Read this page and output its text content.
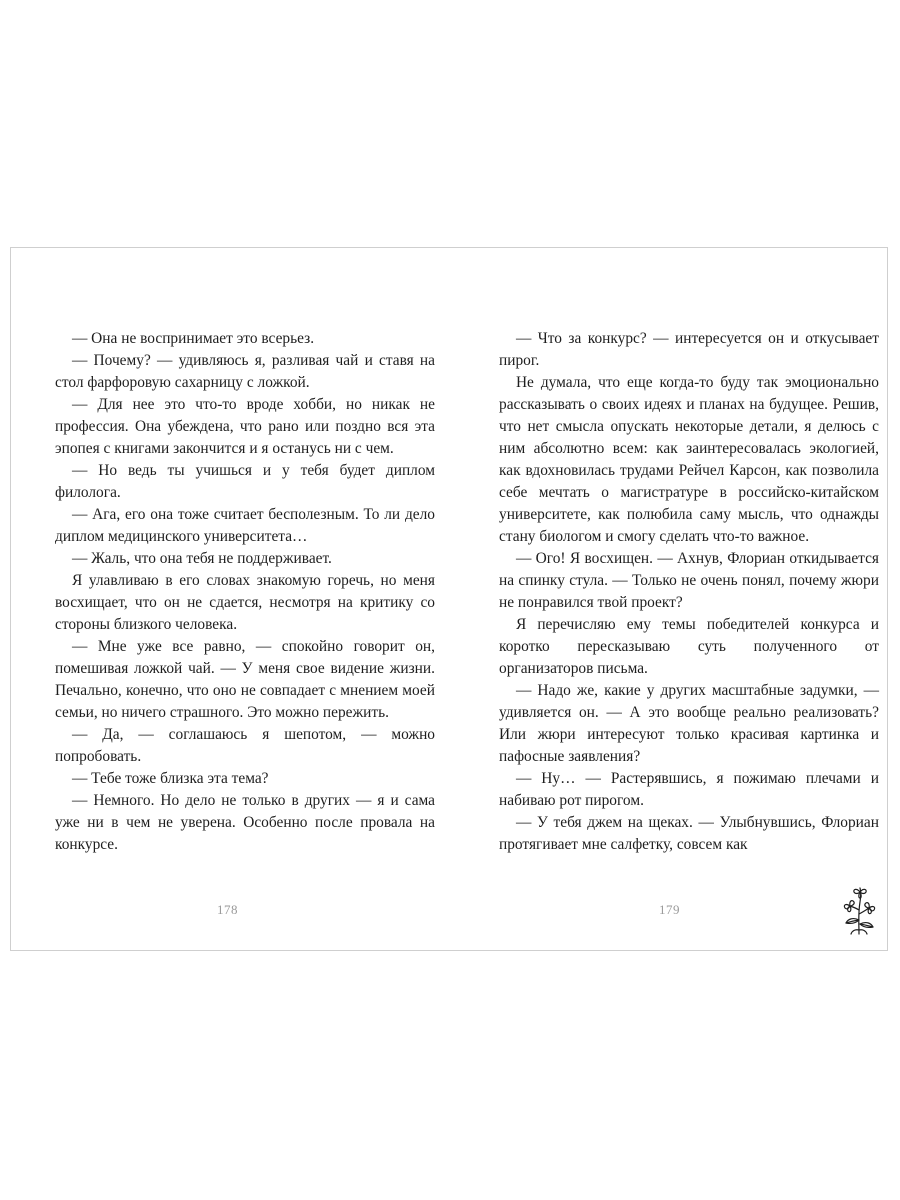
— Она не воспринимает это всерьез.

— Почему? — удивляюсь я, разливая чай и ставя на стол фарфоровую сахарницу с ложкой.

— Для нее это что-то вроде хобби, но никак не профессия. Она убеждена, что рано или поздно вся эта эпопея с книгами закончится и я останусь ни с чем.

— Но ведь ты учишься и у тебя будет диплом филолога.

— Ага, его она тоже считает бесполезным. То ли дело диплом медицинского университета…

— Жаль, что она тебя не поддерживает.

Я улавливаю в его словах знакомую горечь, но меня восхищает, что он не сдается, несмотря на критику со стороны близкого человека.

— Мне уже все равно, — спокойно говорит он, помешивая ложкой чай. — У меня свое видение жизни. Печально, конечно, что оно не совпадает с мнением моей семьи, но ничего страшного. Это можно пережить.

— Да, — соглашаюсь я шепотом, — можно попробовать.

— Тебе тоже близка эта тема?

— Немного. Но дело не только в других — я и сама уже ни в чем не уверена. Особенно после провала на конкурсе.

— Что за конкурс? — интересуется он и откусывает пирог.

Не думала, что еще когда-то буду так эмоционально рассказывать о своих идеях и планах на будущее. Решив, что нет смысла опускать некоторые детали, я делюсь с ним абсолютно всем: как заинтересовалась экологией, как вдохновилась трудами Рейчел Карсон, как позволила себе мечтать о магистратуре в российско-китайском университете, как полюбила саму мысль, что однажды стану биологом и смогу сделать что-то важное.

— Ого! Я восхищен. — Ахнув, Флориан откидывается на спинку стула. — Только не очень понял, почему жюри не понравился твой проект?

Я перечисляю ему темы победителей конкурса и коротко пересказываю суть полученного от организаторов письма.

— Надо же, какие у других масштабные задумки, — удивляется он. — А это вообще реально реализовать? Или жюри интересуют только красивая картинка и пафосные заявления?

— Ну… — Растерявшись, я пожимаю плечами и набиваю рот пирогом.

— У тебя джем на щеках. — Улыбнувшись, Флориан протягивает мне салфетку, совсем как

178	179
